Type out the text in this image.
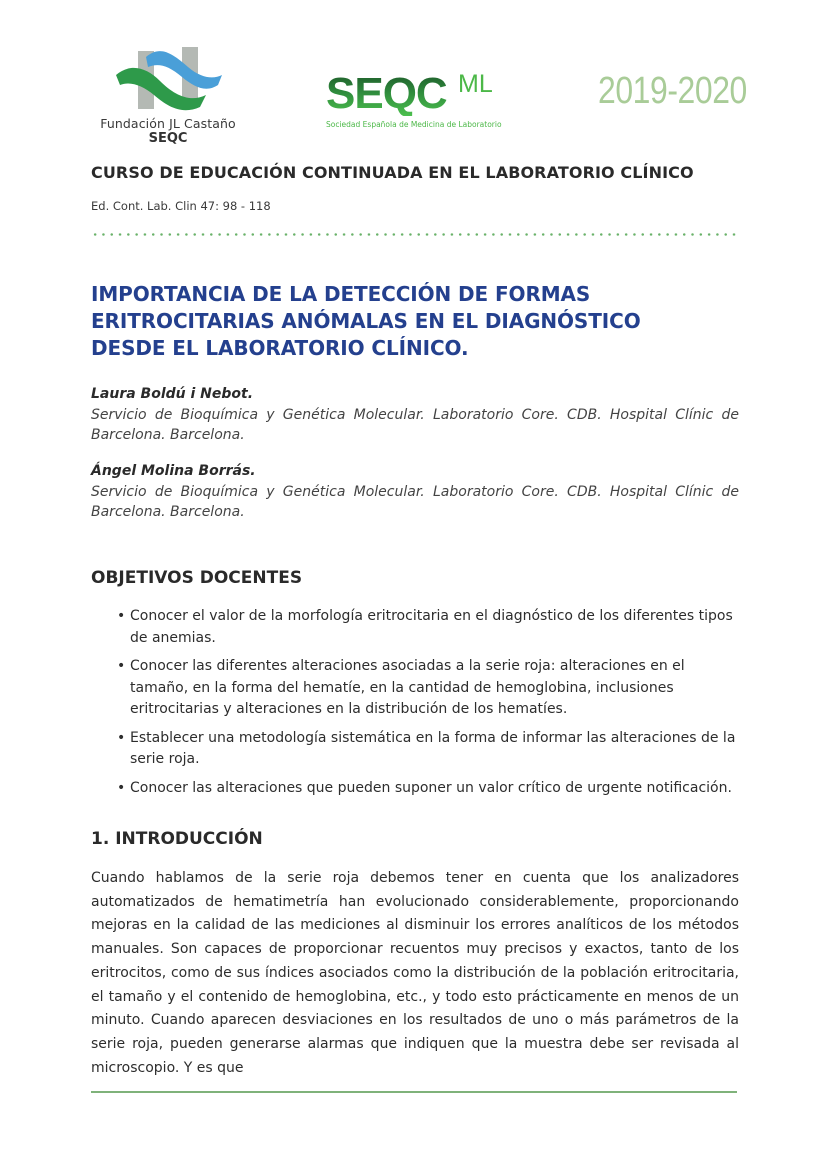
Fundación JL Castaño
SEQC
SEQC ML
Sociedad Española de Medicina de Laboratorio
2019-2020
CURSO DE EDUCACIÓN CONTINUADA EN EL LABORATORIO CLÍNICO
Ed. Cont. Lab. Clin 47: 98 - 118
IMPORTANCIA DE LA DETECCIÓN DE FORMAS
ERITROCITARIAS ANÓMALAS EN EL DIAGNÓSTICO
DESDE EL LABORATORIO CLÍNICO.
Laura Boldú i Nebot.
Servicio de Bioquímica y Genética Molecular. Laboratorio Core. CDB. Hospital Clínic de Barcelona. Barcelona.
Ángel Molina Borrás.
Servicio de Bioquímica y Genética Molecular. Laboratorio Core. CDB. Hospital Clínic de Barcelona. Barcelona.
OBJETIVOS DOCENTES
• Conocer el valor de la morfología eritrocitaria en el diagnóstico de los diferentes tipos de anemias.
• Conocer las diferentes alteraciones asociadas a la serie roja: alteraciones en el tamaño, en la forma del hematíe, en la cantidad de hemoglobina, inclusiones eritrocitarias y alteraciones en la distribución de los hematíes.
• Establecer una metodología sistemática en la forma de informar las alteraciones de la serie roja.
• Conocer las alteraciones que pueden suponer un valor crítico de urgente notificación.
1. INTRODUCCIÓN

Cuando hablamos de la serie roja debemos tener en cuenta que los analizadores automatizados de hematimetría han evolucionado considerablemente, proporcionando mejoras en la calidad de las mediciones al disminuir los errores analíticos de los métodos manuales. Son capaces de proporcionar recuentos muy precisos y exactos, tanto de los eritrocitos, como de sus índices asociados como la distribución de la población eritrocitaria, el tamaño y el contenido de hemoglobina, etc., y todo esto prácticamente en menos de un minuto. Cuando aparecen desviaciones en los resultados de uno o más parámetros de la serie roja, pueden generarse alarmas que indiquen que la muestra debe ser revisada al microscopio. Y es que
